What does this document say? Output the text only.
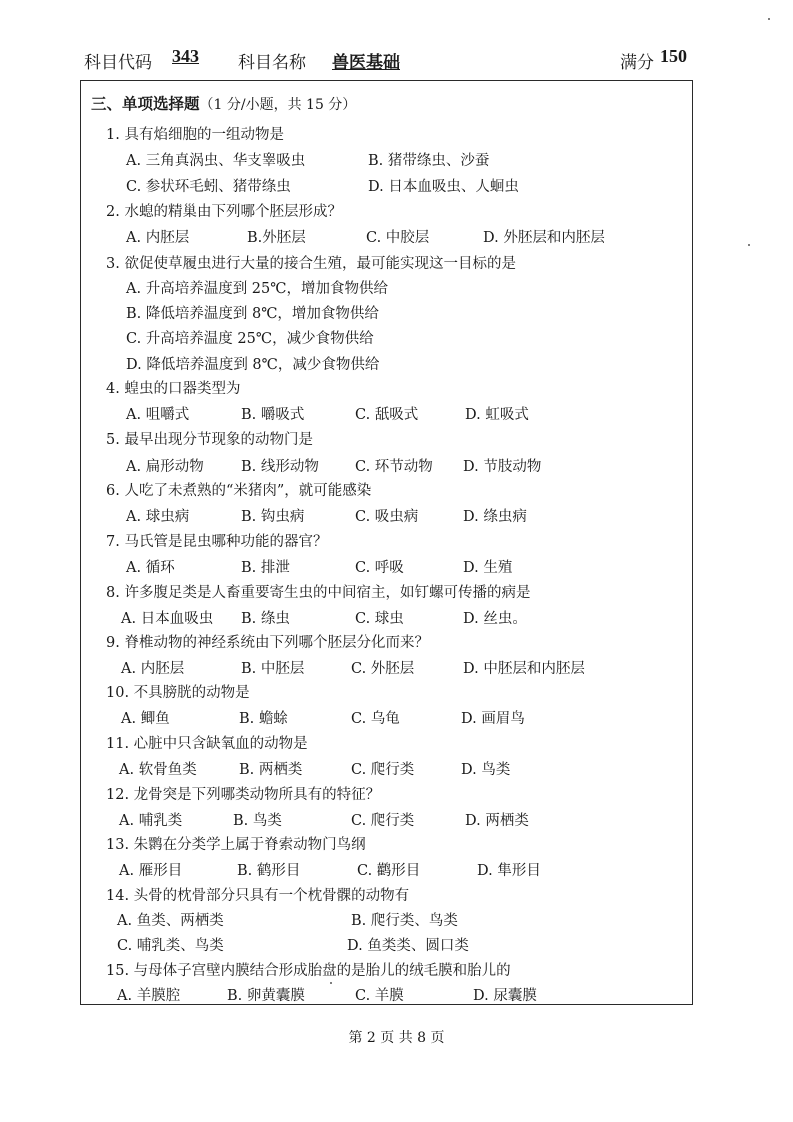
科目代码 343 科目名称 兽医基础	满分 150
三、单项选择题（1 分/小题，共 15 分）
1. 具有焰细胞的一组动物是
A. 三角真涡虫、华支睾吸虫	B. 猪带绦虫、沙蚕
C. 参状环毛蚓、猪带绦虫	D. 日本血吸虫、人蛔虫
2. 水螅的精巢由下列哪个胚层形成？
A. 内胚层	B.外胚层	C. 中胶层	D. 外胚层和内胚层
3. 欲促使草履虫进行大量的接合生殖，最可能实现这一目标的是
A. 升高培养温度到 25℃，增加食物供给
B. 降低培养温度到 8℃，增加食物供给
C. 升高培养温度 25℃，减少食物供给
D. 降低培养温度到 8℃，减少食物供给
4. 蝗虫的口器类型为
A. 咀嚼式	B. 嚼吸式	C. 舐吸式	D. 虹吸式
5. 最早出现分节现象的动物门是
A. 扁形动物	B. 线形动物 C. 环节动物 D. 节肢动物
6. 人吃了未煮熟的“米猪肉”，就可能感染
A. 球虫病	B. 钩虫病	C. 吸虫病	D. 绦虫病
7. 马氏管是昆虫哪种功能的器官？
A. 循环	B. 排泄	C. 呼吸	D. 生殖
8. 许多腹足类是人畜重要寄生虫的中间宿主，如钉螺可传播的病是
A. 日本血吸虫 B. 绦虫	C. 球虫	D. 丝虫。
9. 脊椎动物的神经系统由下列哪个胚层分化而来？
A. 内胚层	B. 中胚层	C. 外胚层	D. 中胚层和内胚层
10. 不具膀胱的动物是
A. 鲫鱼	B. 蟾蜍	C. 乌龟	D. 画眉鸟
11. 心脏中只含缺氧血的动物是
A. 软骨鱼类	B. 两栖类	C. 爬行类	D. 鸟类
12. 龙骨突是下列哪类动物所具有的特征？
A. 哺乳类	B. 鸟类	C. 爬行类	D. 两栖类
13. 朱鹮在分类学上属于脊索动物门鸟纲
A. 雁形目	B. 鹤形目	C. 鹳形目	D. 隼形目
14. 头骨的枕骨部分只具有一个枕骨髁的动物有
A. 鱼类、两栖类	B. 爬行类、鸟类
C. 哺乳类、鸟类	D. 鱼类类、圆口类
15. 与母体子宫壁内膜结合形成胎盘的是胎儿的绒毛膜和胎儿的
A. 羊膜腔	B. 卵黄囊膜	C. 羊膜	D. 尿囊膜
第 2 页 共 8 页
